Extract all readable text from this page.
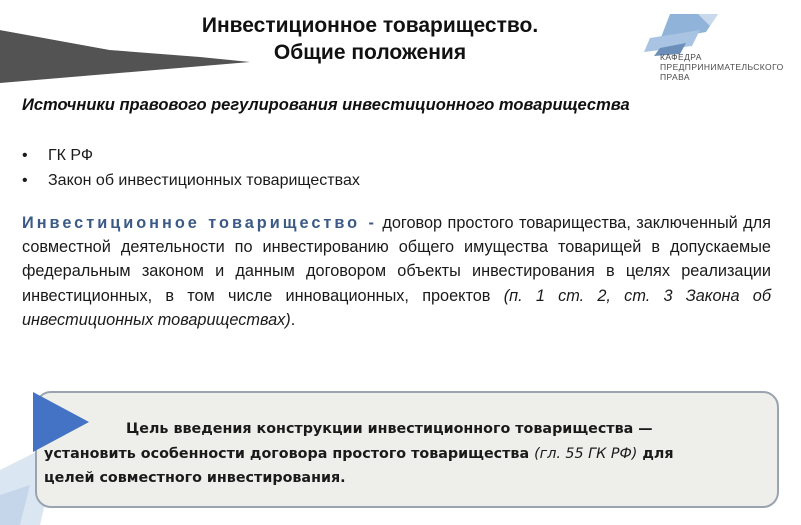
Инвестиционное товарищество.
Общие положения	КАФЕДРА
ПРЕДПРИНИМАТЕЛЬСКОГО
ПРАВА
Источники правового регулирования инвестиционного товарищества
• ГК РФ
• Закон об инвестиционных товариществах
Инвестиционное товарищество - договор простого товарищества, заключенный для совместной деятельности по инвестированию общего имущества товарищей в допускаемые федеральным законом и данным договором объекты инвестирования в целях реализации инвестиционных, в том числе инновационных, проектов (п. 1 ст. 2, ст. 3 Закона об инвестиционных товариществах).
Цель введения конструкции инвестиционного товарищества —
установить особенности договора простого товарищества (гл. 55 ГК РФ) для
целей совместного инвестирования.
